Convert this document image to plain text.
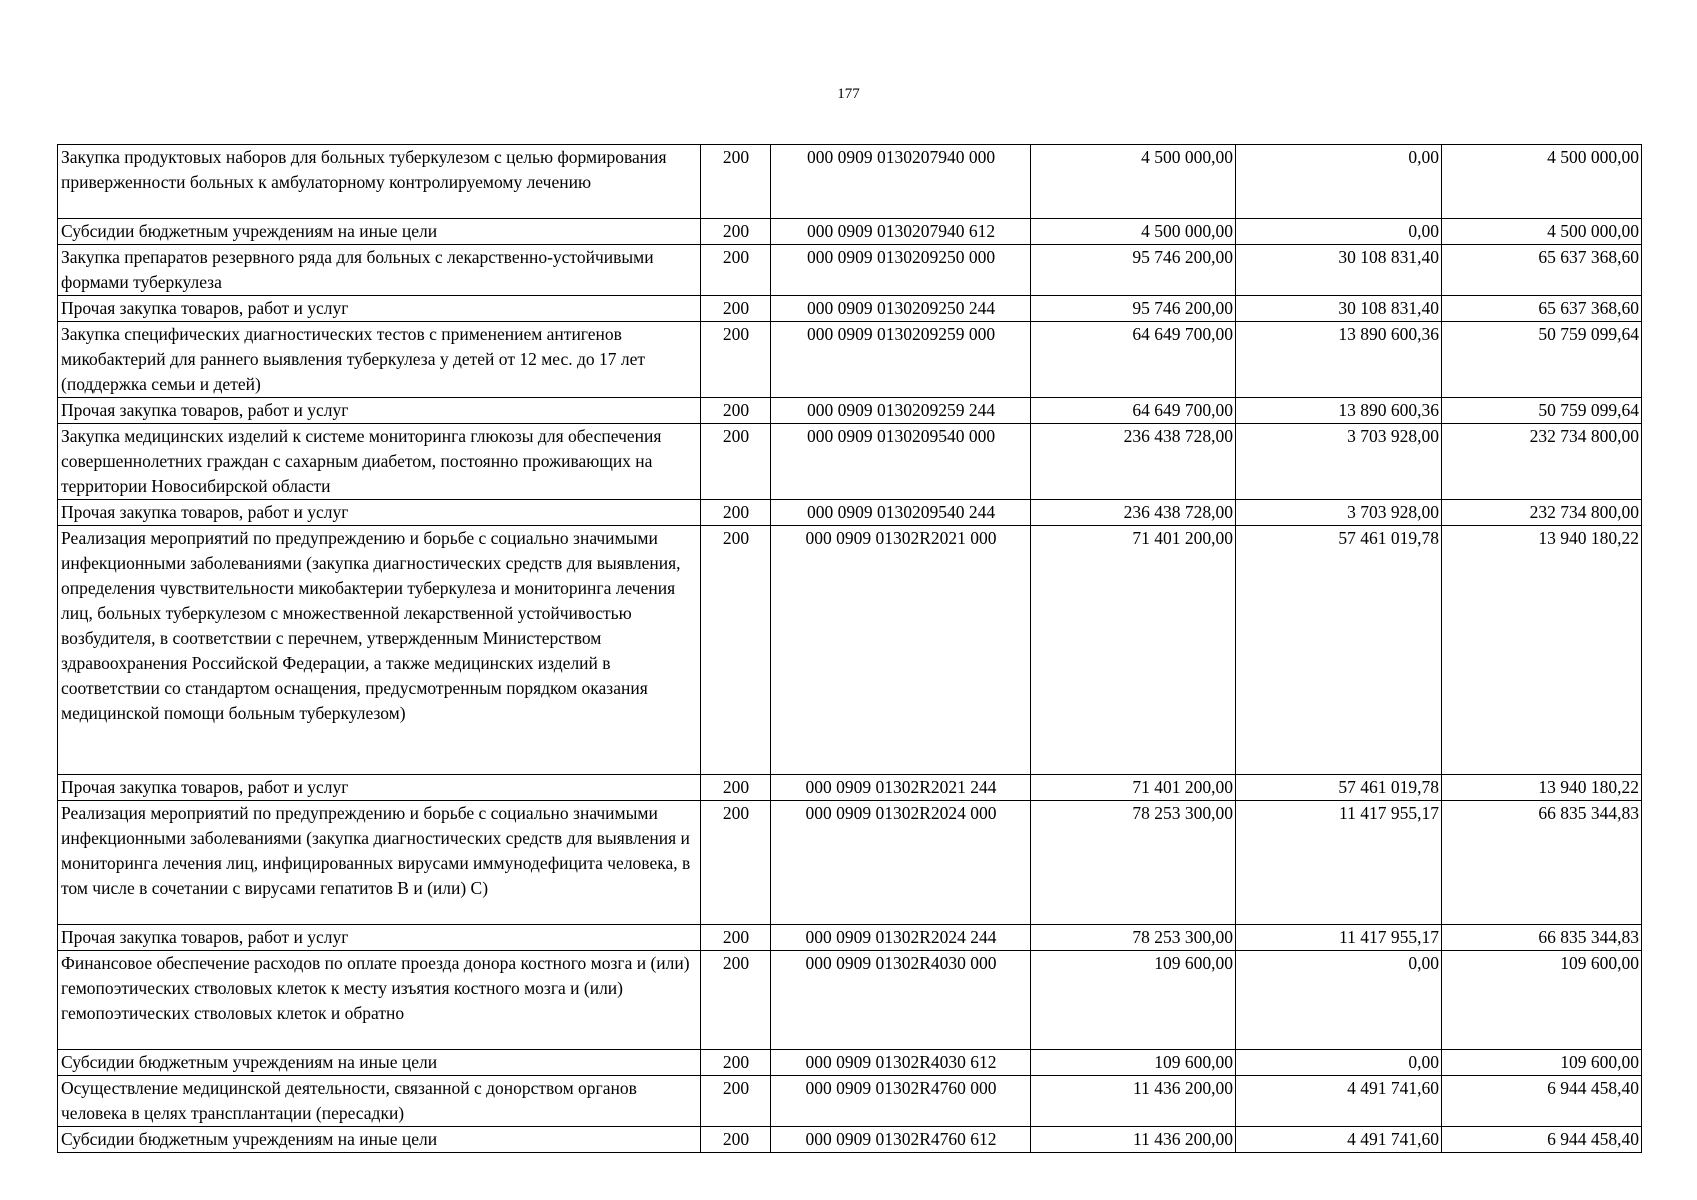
177
Закупка продуктовых наборов для больных туберкулезом с целью формирования приверженности больных к амбулаторному контролируемому лечению	200	000 0909 0130207940 000	4 500 000,00	0,00	4 500 000,00
Субсидии бюджетным учреждениям на иные цели	200	000 0909 0130207940 612	4 500 000,00	0,00	4 500 000,00
Закупка препаратов резервного ряда для больных с лекарственно-устойчивыми формами туберкулеза	200	000 0909 0130209250 000	95 746 200,00	30 108 831,40	65 637 368,60
Прочая закупка товаров, работ и услуг	200	000 0909 0130209250 244	95 746 200,00	30 108 831,40	65 637 368,60
Закупка специфических диагностических тестов с применением антигенов микобактерий для раннего выявления туберкулеза у детей от 12 мес. до 17 лет (поддержка семьи и детей)	200	000 0909 0130209259 000	64 649 700,00	13 890 600,36	50 759 099,64
Прочая закупка товаров, работ и услуг	200	000 0909 0130209259 244	64 649 700,00	13 890 600,36	50 759 099,64
Закупка медицинских изделий к системе мониторинга глюкозы для обеспечения совершеннолетних граждан с сахарным диабетом, постоянно проживающих на территории Новосибирской области	200	000 0909 0130209540 000	236 438 728,00	3 703 928,00	232 734 800,00
Прочая закупка товаров, работ и услуг	200	000 0909 0130209540 244	236 438 728,00	3 703 928,00	232 734 800,00
Реализация мероприятий по предупреждению и борьбе с социально значимыми инфекционными заболеваниями (закупка диагностических средств для выявления, определения чувствительности микобактерии туберкулеза и мониторинга лечения лиц, больных туберкулезом с множественной лекарственной устойчивостью возбудителя, в соответствии с перечнем, утвержденным Министерством здравоохранения Российской Федерации, а также медицинских изделий в соответствии со стандартом оснащения, предусмотренным порядком оказания медицинской помощи больным туберкулезом)	200	000 0909 01302R2021 000	71 401 200,00	57 461 019,78	13 940 180,22
Прочая закупка товаров, работ и услуг	200	000 0909 01302R2021 244	71 401 200,00	57 461 019,78	13 940 180,22
Реализация мероприятий по предупреждению и борьбе с социально значимыми инфекционными заболеваниями (закупка диагностических средств для выявления и мониторинга лечения лиц, инфицированных вирусами иммунодефицита человека, в том числе в сочетании с вирусами гепатитов В и (или) С)	200	000 0909 01302R2024 000	78 253 300,00	11 417 955,17	66 835 344,83
Прочая закупка товаров, работ и услуг	200	000 0909 01302R2024 244	78 253 300,00	11 417 955,17	66 835 344,83
Финансовое обеспечение расходов по оплате проезда донора костного мозга и (или) гемопоэтических стволовых клеток к месту изъятия костного мозга и (или) гемопоэтических стволовых клеток и обратно	200	000 0909 01302R4030 000	109 600,00	0,00	109 600,00
Субсидии бюджетным учреждениям на иные цели	200	000 0909 01302R4030 612	109 600,00	0,00	109 600,00
Осуществление медицинской деятельности, связанной с донорством органов человека в целях трансплантации (пересадки)	200	000 0909 01302R4760 000	11 436 200,00	4 491 741,60	6 944 458,40
Субсидии бюджетным учреждениям на иные цели	200	000 0909 01302R4760 612	11 436 200,00	4 491 741,60	6 944 458,40
